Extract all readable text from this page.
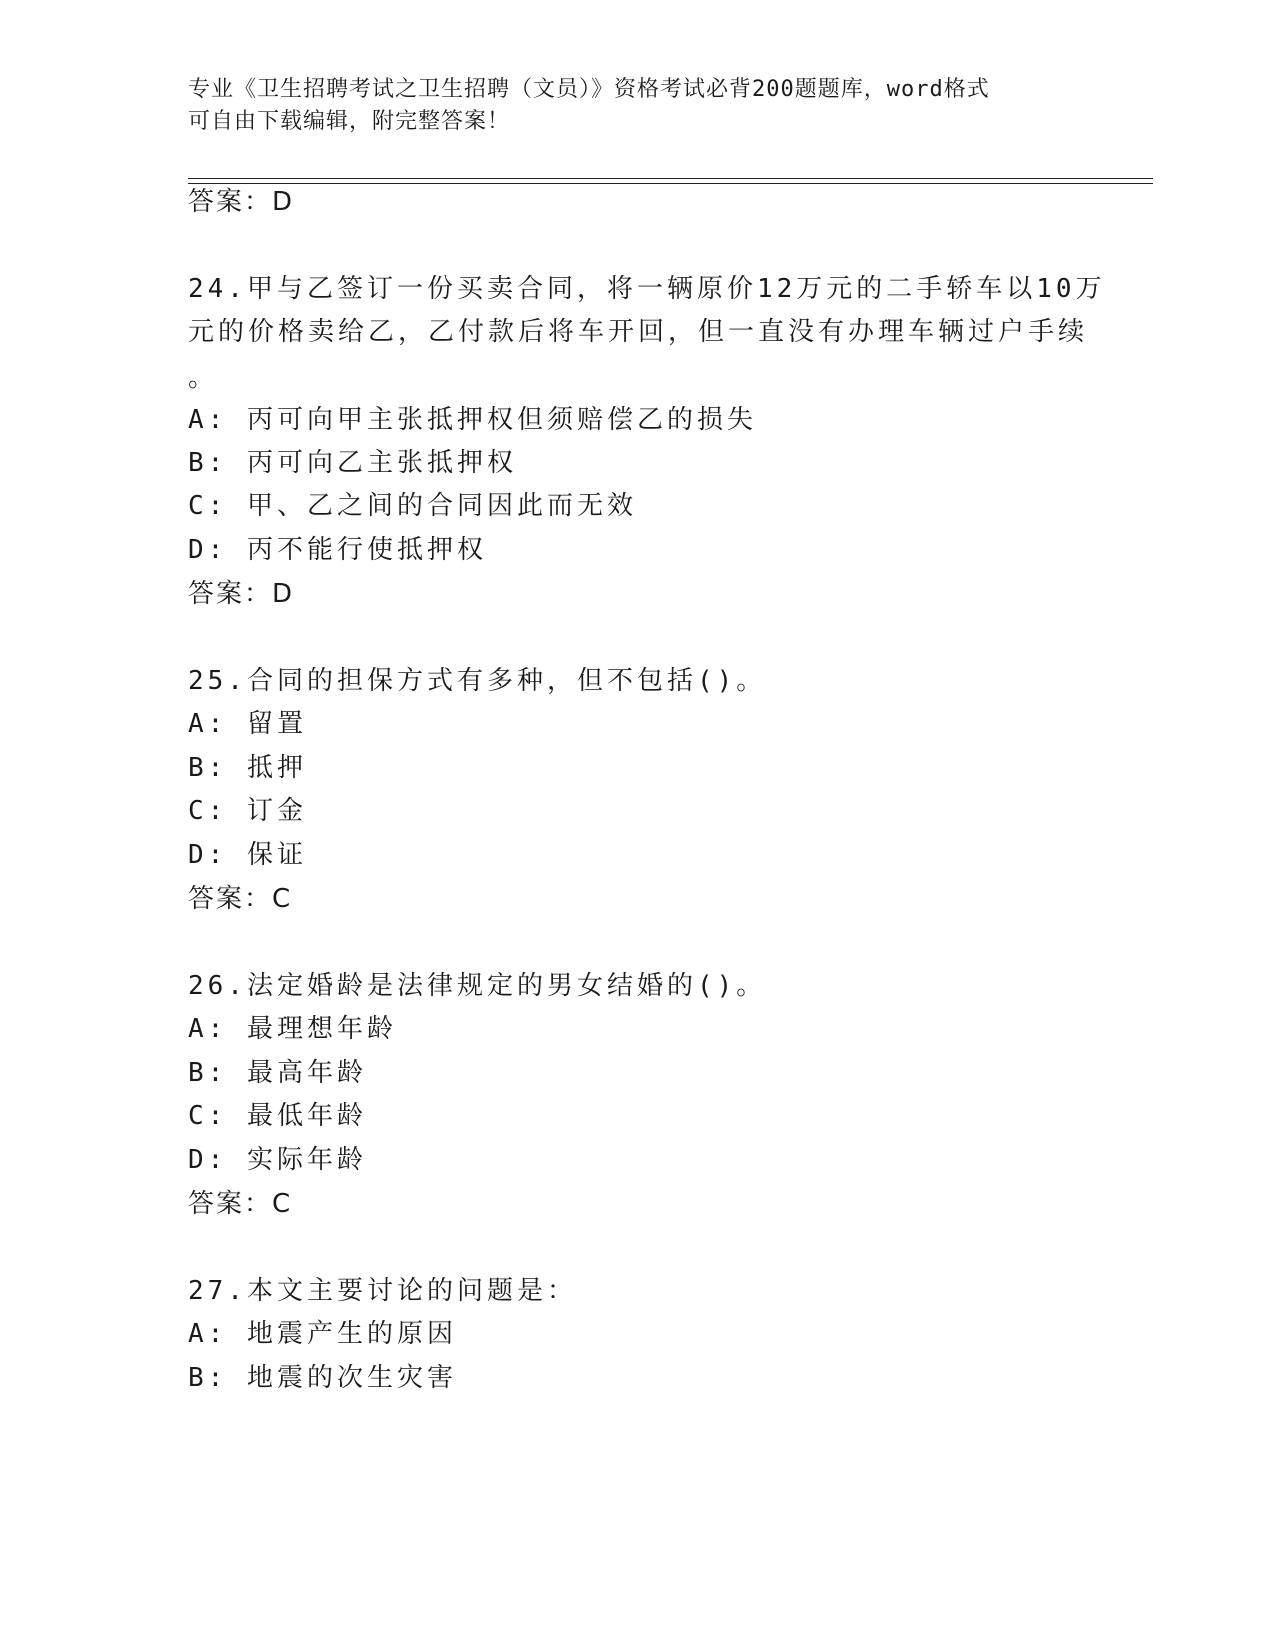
专业《卫生招聘考试之卫生招聘（文员）》资格考试必背200题题库，word格式
可自由下载编辑，附完整答案！
答案：D
24.甲与乙签订一份买卖合同，将一辆原价12万元的二手轿车以10万
元的价格卖给乙，乙付款后将车开回，但一直没有办理车辆过户手续
。
A: 丙可向甲主张抵押权但须赔偿乙的损失
B: 丙可向乙主张抵押权
C: 甲、乙之间的合同因此而无效
D: 丙不能行使抵押权
答案：D
25.合同的担保方式有多种，但不包括()。
A: 留置
B: 抵押
C: 订金
D: 保证
答案：C
26.法定婚龄是法律规定的男女结婚的()。
A: 最理想年龄
B: 最高年龄
C: 最低年龄
D: 实际年龄
答案：C
27.本文主要讨论的问题是：
A: 地震产生的原因
B: 地震的次生灾害
